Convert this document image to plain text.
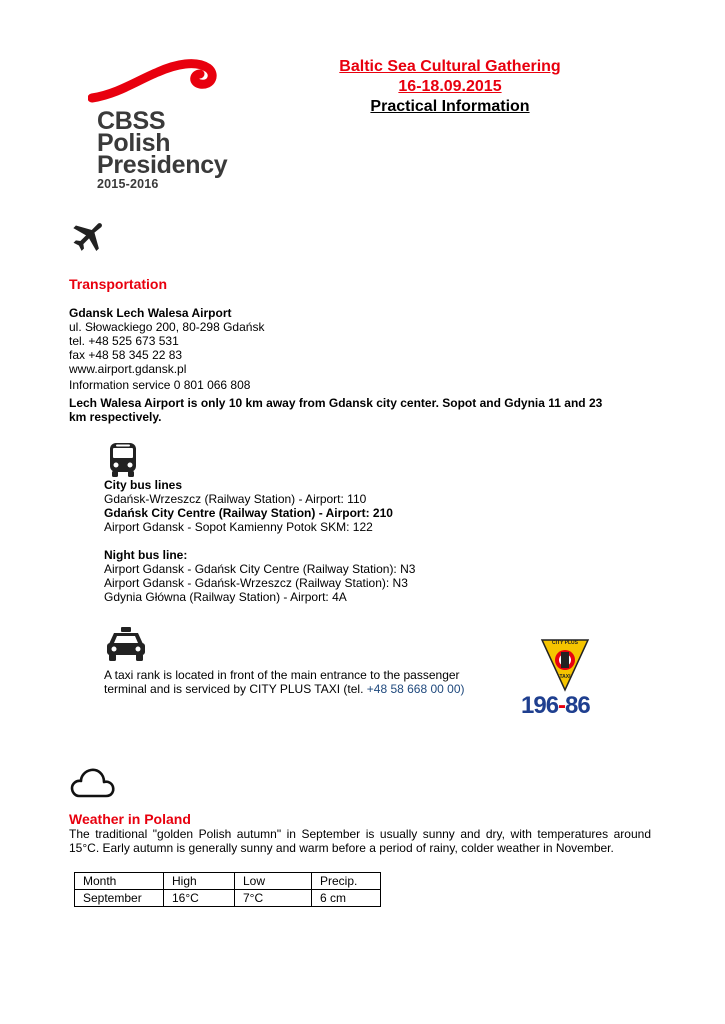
CBSS
Polish
Presidency
2015-2016
Baltic Sea Cultural Gathering
16-18.09.2015
Practical Information
Transportation
Gdansk Lech Walesa Airport
ul. Słowackiego 200, 80-298 Gdańsk
tel. +48 525 673 531
fax +48 58 345 22 83
www.airport.gdansk.pl
Information service 0 801 066 808
Lech Walesa Airport is only 10 km away from Gdansk city center. Sopot and Gdynia 11 and 23
km respectively.
City bus lines
Gdańsk-Wrzeszcz (Railway Station) - Airport: 110
Gdańsk City Centre (Railway Station) - Airport: 210
Airport Gdansk - Sopot Kamienny Potok SKM: 122
Night bus line:
Airport Gdansk - Gdańsk City Centre (Railway Station): N3
Airport Gdansk - Gdańsk-Wrzeszcz (Railway Station): N3
Gdynia Główna (Railway Station) - Airport: 4A
A taxi rank is located in front of the main entrance to the passenger
terminal and is serviced by CITY PLUS TAXI (tel. +48 58 668 00 00)
CITY PLUS
TAXI
196-86
Weather in Poland
The traditional "golden Polish autumn" in September is usually sunny and dry, with temperatures around
15°C. Early autumn is generally sunny and warm before a period of rainy, colder weather in November.
Month	High	Low	Precip.
September	16°C	7°C	6 cm
